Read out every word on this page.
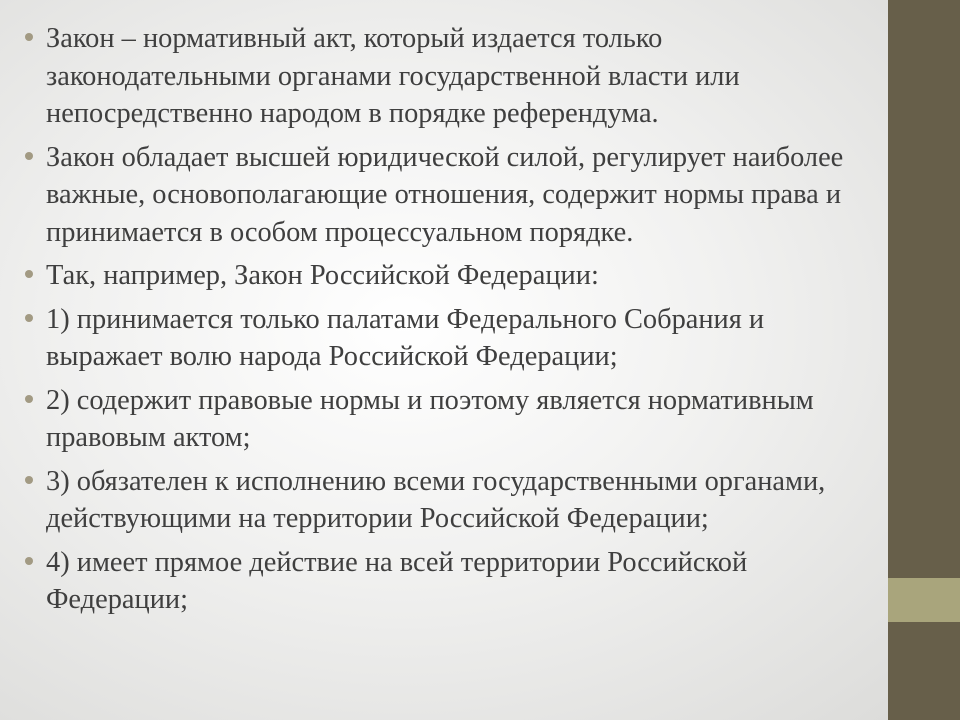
Закон – нормативный акт, который издается только законодательными органами государственной власти или непосредственно народом в порядке референдума.
Закон обладает высшей юридической силой, регулирует наиболее важные, основополагающие отношения, содержит нормы права и принимается в особом процессуальном порядке.
Так, например, Закон Российской Федерации:
1) принимается только палатами Федерального Собрания и выражает волю народа Российской Федерации;
2) содержит правовые нормы и поэтому является нормативным правовым актом;
3) обязателен к исполнению всеми государственными органами, действующими на территории Российской Федерации;
4) имеет прямое действие на всей территории Российской Федерации;
